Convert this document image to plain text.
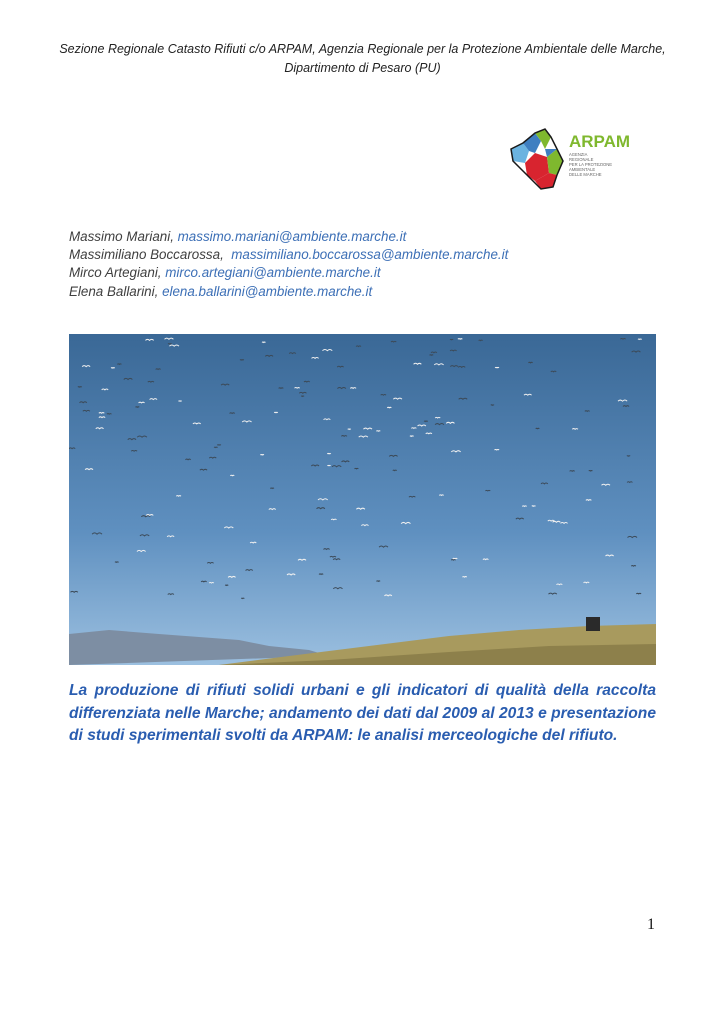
Sezione Regionale Catasto Rifiuti c/o ARPAM, Agenzia Regionale per la Protezione Ambientale delle Marche,
Dipartimento di Pesaro (PU)
ARPAM
AGENZIA
REGIONALE
PER LA PROTEZIONE
AMBIENTALE
DELLE MARCHE
Massimo Mariani, massimo.mariani@ambiente.marche.it
Massimiliano Boccarossa, massimiliano.boccarossa@ambiente.marche.it
Mirco Artegiani, mirco.artegiani@ambiente.marche.it
Elena Ballarini, elena.ballarini@ambiente.marche.it
La produzione di rifiuti solidi urbani e gli indicatori di qualità della raccolta differenziata nelle Marche; andamento dei dati dal 2009 al 2013 e presentazione di studi sperimentali svolti da ARPAM: le analisi merceologiche del rifiuto.
1
